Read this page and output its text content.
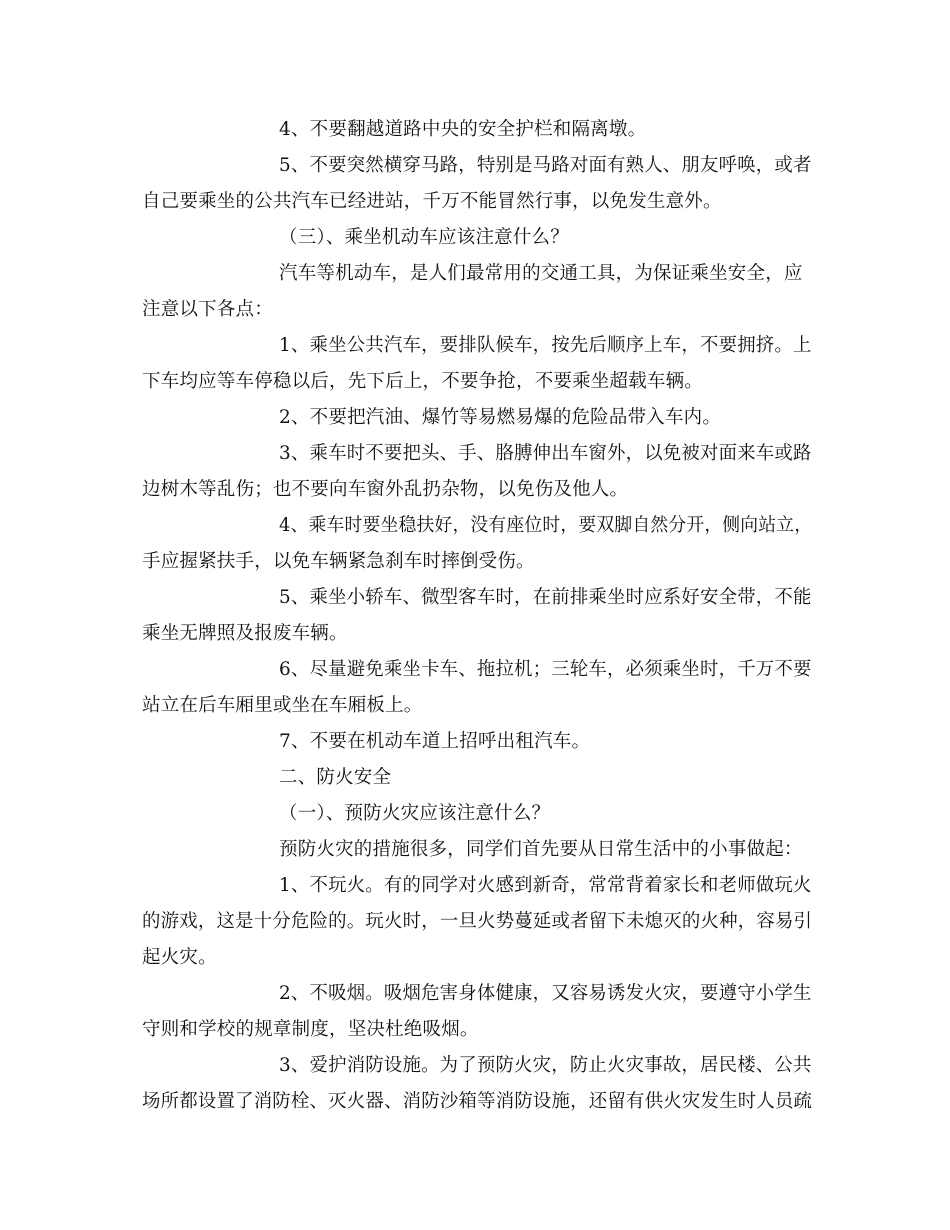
4、不要翻越道路中央的安全护栏和隔离墩。
5、不要突然横穿马路，特别是马路对面有熟人、朋友呼唤，或者
自己要乘坐的公共汽车已经进站，千万不能冒然行事，以免发生意外。
（三）、乘坐机动车应该注意什么？
汽车等机动车，是人们最常用的交通工具，为保证乘坐安全，应
注意以下各点：
1、乘坐公共汽车，要排队候车，按先后顺序上车，不要拥挤。上
下车均应等车停稳以后，先下后上，不要争抢，不要乘坐超载车辆。
2、不要把汽油、爆竹等易燃易爆的危险品带入车内。
3、乘车时不要把头、手、胳膊伸出车窗外，以免被对面来车或路
边树木等乱伤；也不要向车窗外乱扔杂物，以免伤及他人。
4、乘车时要坐稳扶好，没有座位时，要双脚自然分开，侧向站立，
手应握紧扶手，以免车辆紧急刹车时摔倒受伤。
5、乘坐小轿车、微型客车时，在前排乘坐时应系好安全带，不能
乘坐无牌照及报废车辆。
6、尽量避免乘坐卡车、拖拉机；三轮车，必须乘坐时，千万不要
站立在后车厢里或坐在车厢板上。
7、不要在机动车道上招呼出租汽车。
二、防火安全
（一）、预防火灾应该注意什么？
预防火灾的措施很多，同学们首先要从日常生活中的小事做起：
1、不玩火。有的同学对火感到新奇，常常背着家长和老师做玩火
的游戏，这是十分危险的。玩火时，一旦火势蔓延或者留下未熄灭的火种，容易引
起火灾。
2、不吸烟。吸烟危害身体健康，又容易诱发火灾，要遵守小学生
守则和学校的规章制度，坚决杜绝吸烟。
3、爱护消防设施。为了预防火灾，防止火灾事故，居民楼、公共
场所都设置了消防栓、灭火器、消防沙箱等消防设施，还留有供火灾发生时人员疏
